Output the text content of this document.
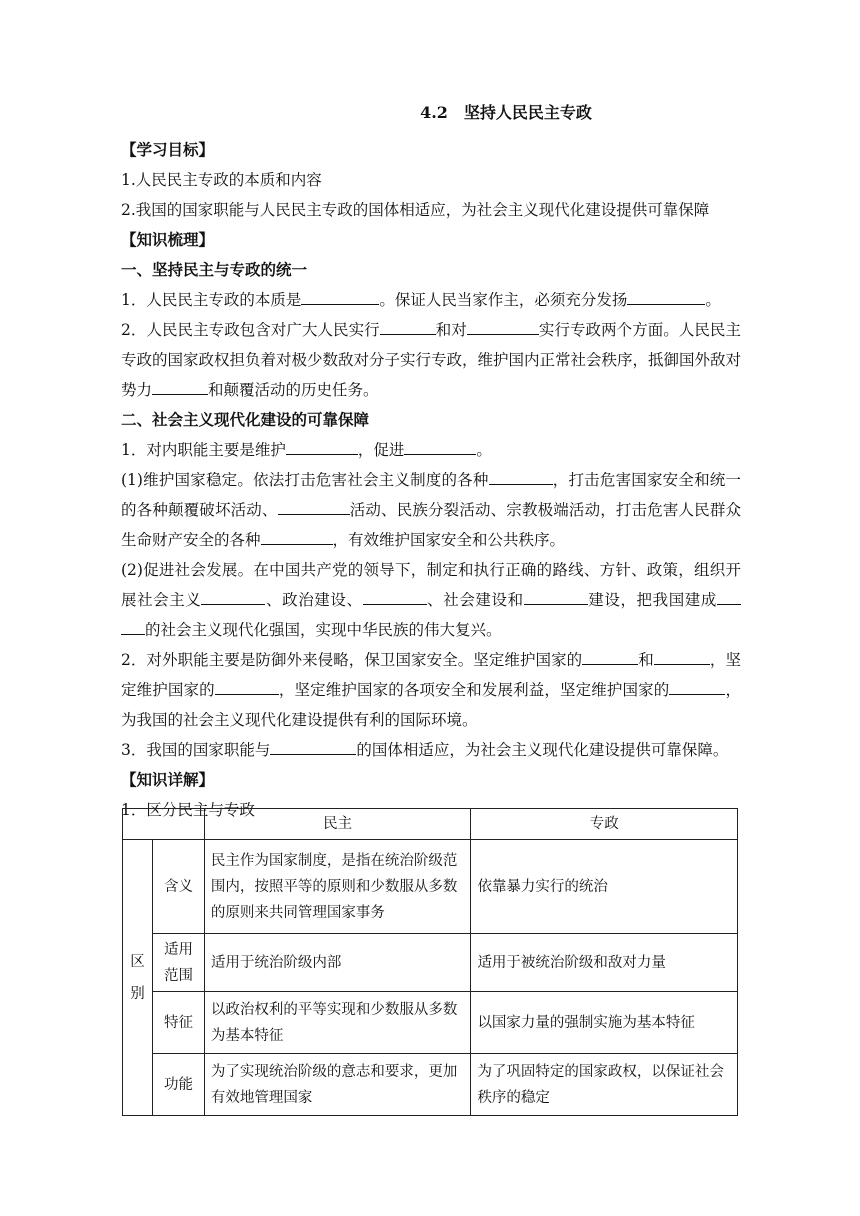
4.2 坚持人民民主专政

【学习目标】

1.人民民主专政的本质和内容

2.我国的国家职能与人民民主专政的国体相适应，为社会主义现代化建设提供可靠保障

【知识梳理】

一、坚持民主与专政的统一

1．人民民主专政的本质是	。保证人民当家作主，必须充分发扬	。

2．人民民主专政包含对广大人民实行	和对	实行专政两个方面。人民民主专政的国家政权担负着对极少数敌对分子实行专政，维护国内正常社会秩序，抵御国外敌对势力	和颠覆活动的历史任务。

二、社会主义现代化建设的可靠保障

1．对内职能主要是维护	，促进	。

(1)维护国家稳定。依法打击危害社会主义制度的各种	，打击危害国家安全和统一的各种颠覆破坏活动、	活动、民族分裂活动、宗教极端活动，打击危害人民群众生命财产安全的各种	，有效维护国家安全和公共秩序。

(2)促进社会发展。在中国共产党的领导下，制定和执行正确的路线、方针、政策，组织开展社会主义	、政治建设、	、社会建设和	建设，把我国建成的社会主义现代化强国，实现中华民族的伟大复兴。

2．对外职能主要是防御外来侵略，保卫国家安全。坚定维护国家的	和	，坚定维护国家的	，坚定维护国家的各项安全和发展利益，坚定维护国家的	，为我国的社会主义现代化建设提供有利的国际环境。

3．我国的国家职能与	的国体相适应，为社会主义现代化建设提供可靠保障。

【知识详解】

1．区分民主与专政

		民主	专政
区别	含义	民主作为国家制度，是指在统治阶级范围内，按照平等的原则和少数服从多数的原则来共同管理国家事务	依靠暴力实行的统治
	适用范围	适用于统治阶级内部	适用于被统治阶级和敌对力量
	特征	以政治权利的平等实现和少数服从多数为基本特征	以国家力量的强制实施为基本特征
	功能	为了实现统治阶级的意志和要求，更加有效地管理国家	为了巩固特定的国家政权，以保证社会秩序的稳定
